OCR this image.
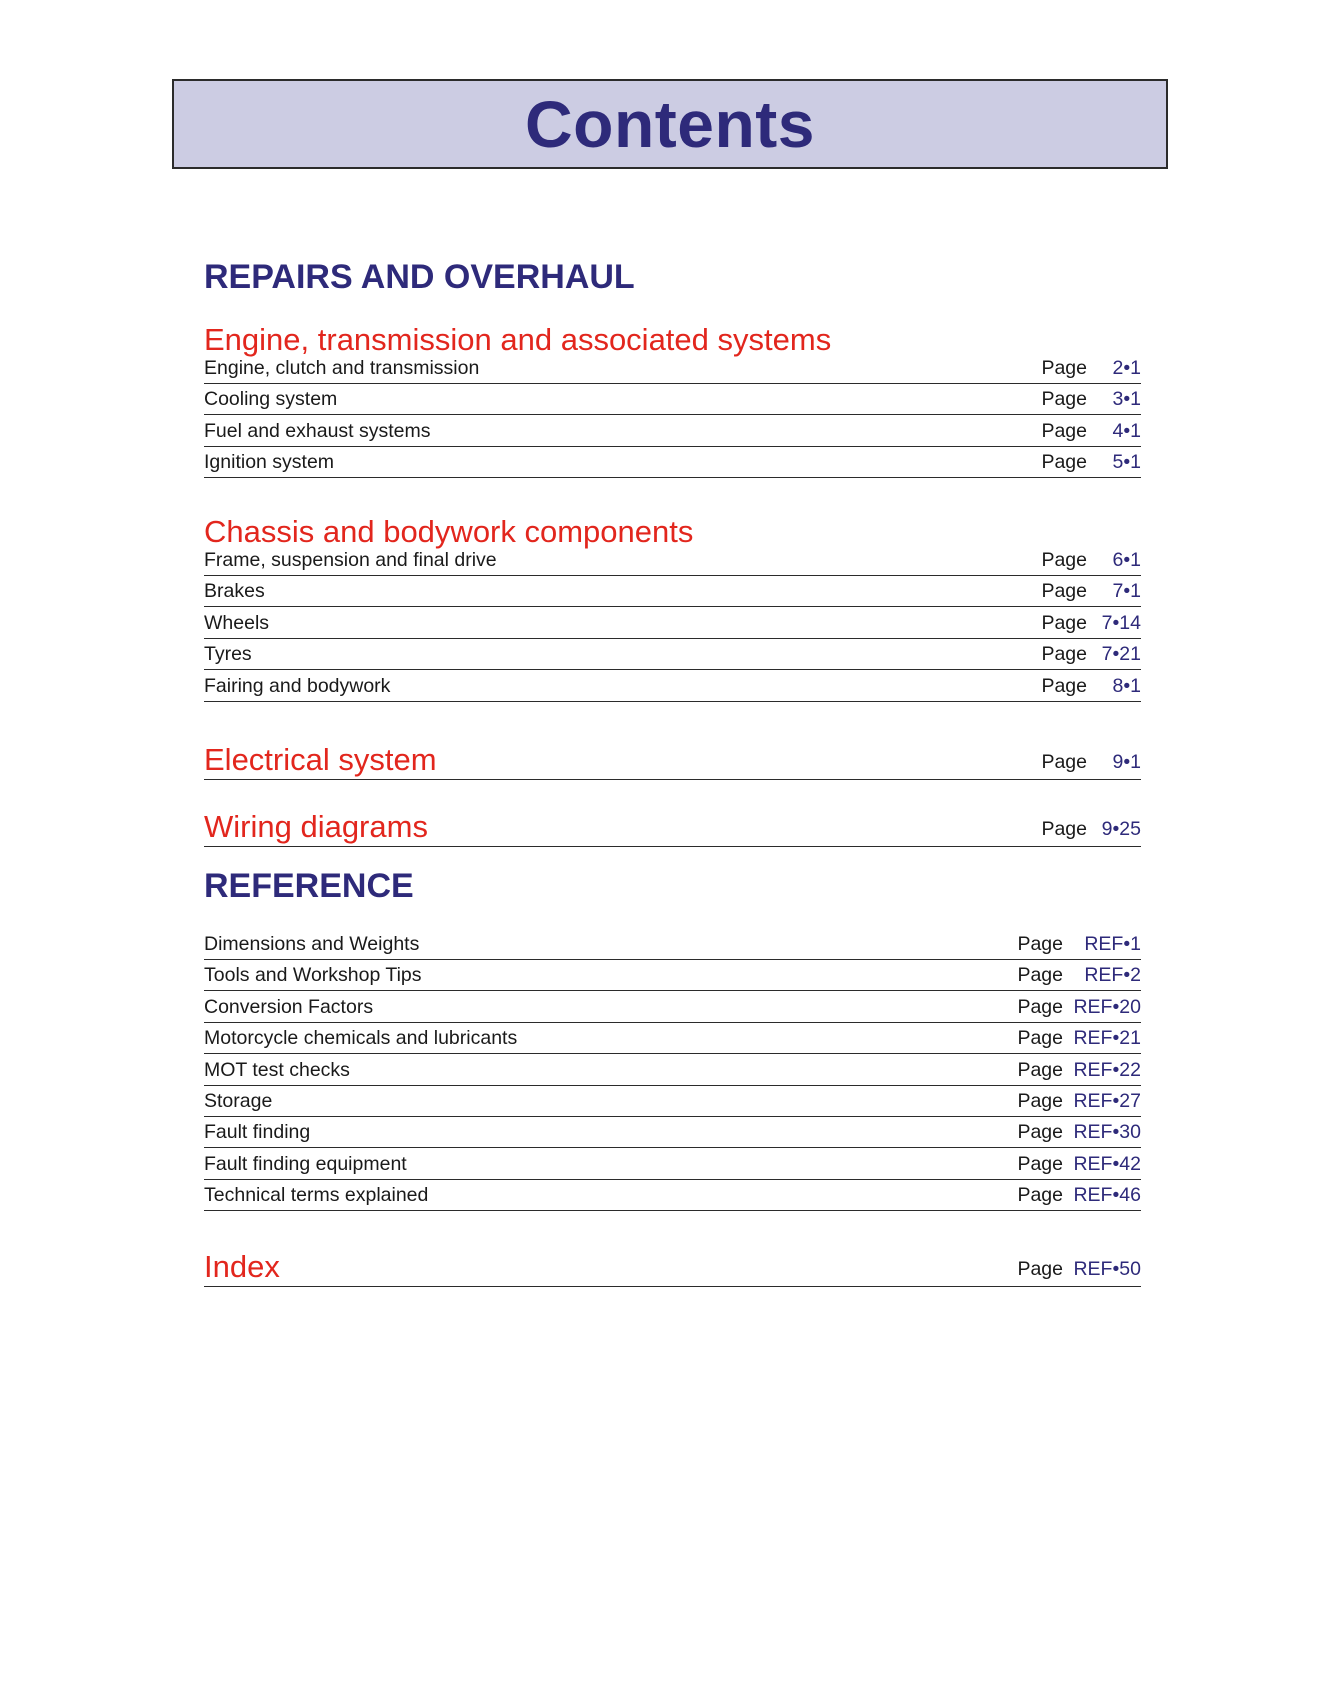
Contents
REPAIRS AND OVERHAUL
Engine, transmission and associated systems
Engine, clutch and transmission	Page	2•1
Cooling system	Page	3•1
Fuel and exhaust systems	Page	4•1
Ignition system	Page	5•1
Chassis and bodywork components
Frame, suspension and final drive	Page	6•1
Brakes	Page	7•1
Wheels	Page 7•14
Tyres	Page 7•21
Fairing and bodywork	Page	8•1
Electrical system	Page	9•1
Wiring diagrams	Page 9•25
REFERENCE
Dimensions and Weights	Page	REF•1
Tools and Workshop Tips	Page	REF•2
Conversion Factors	Page REF•20
Motorcycle chemicals and lubricants	Page REF•21
MOT test checks	Page REF•22
Storage	Page REF•27
Fault finding	Page REF•30
Fault finding equipment	Page REF•42
Technical terms explained	Page REF•46
Index	Page REF•50
